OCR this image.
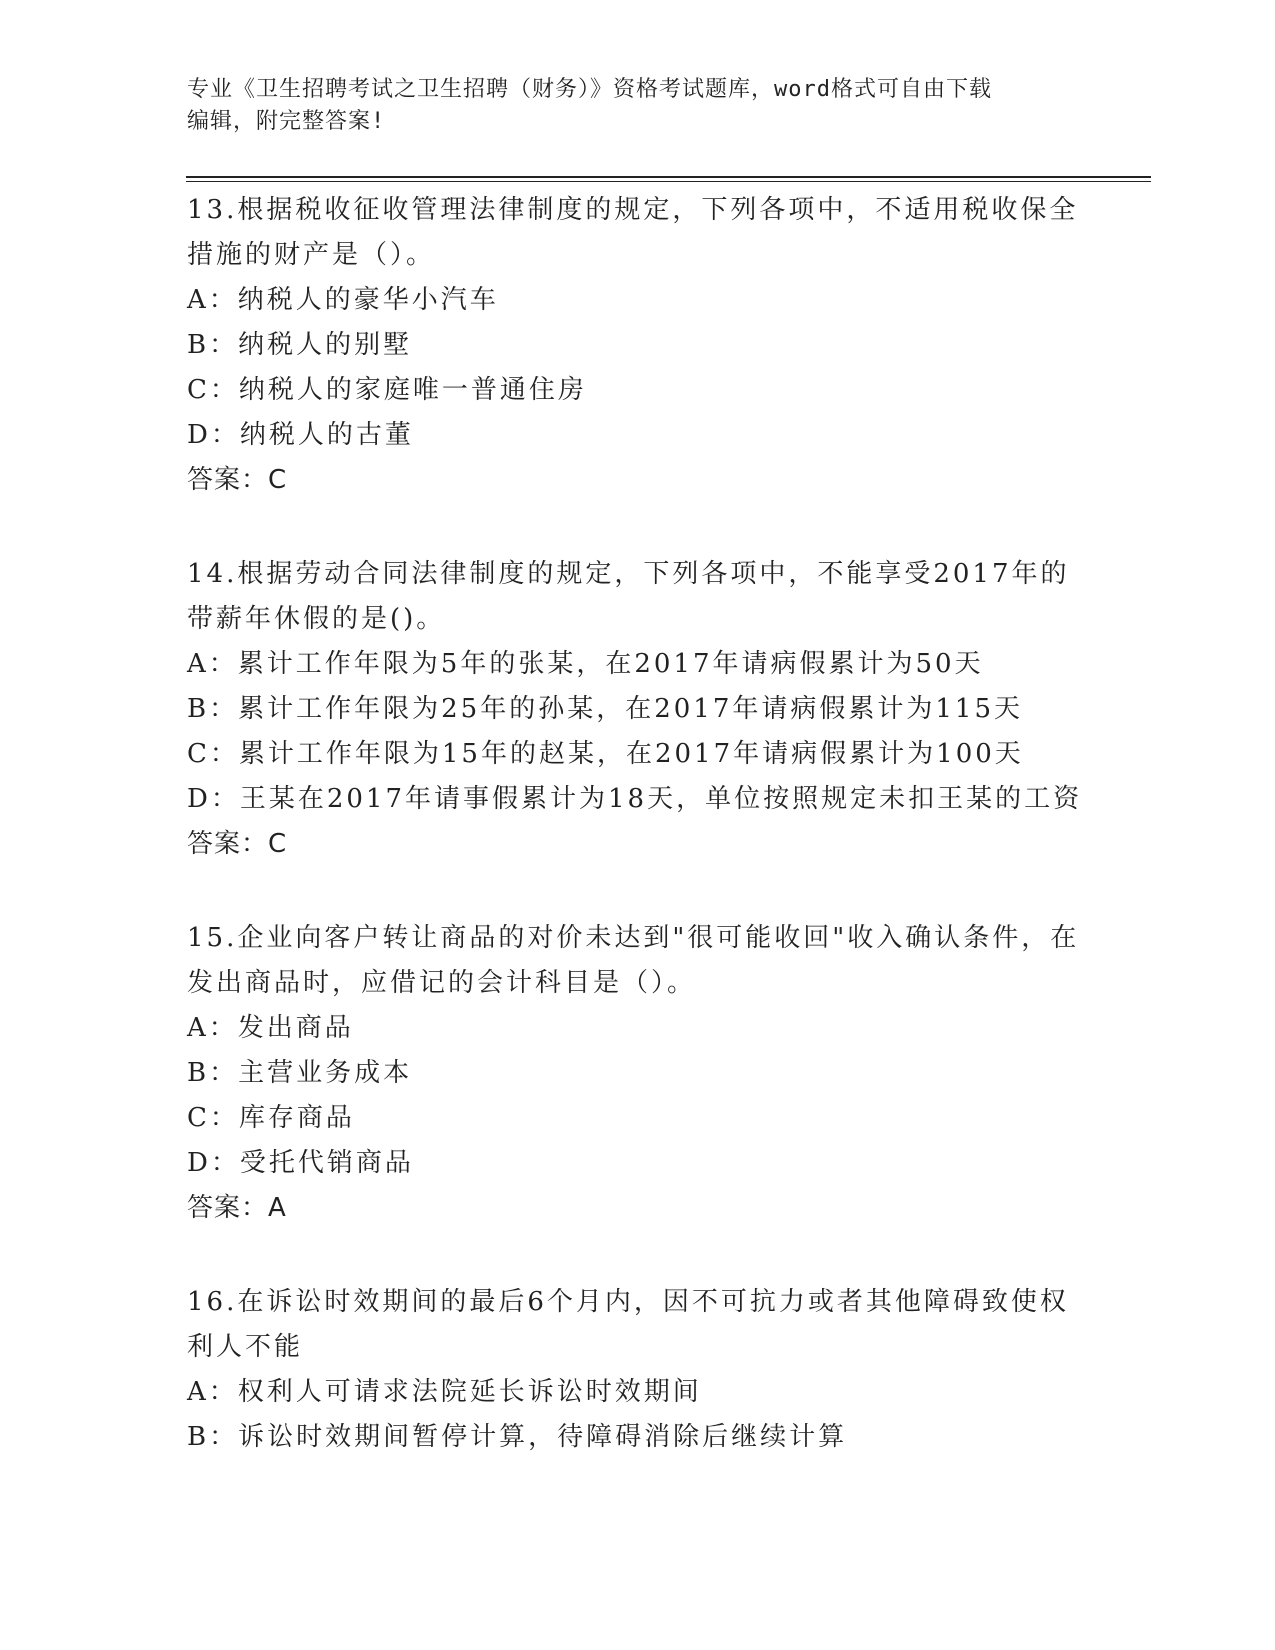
专业《卫生招聘考试之卫生招聘（财务）》资格考试题库，word格式可自由下载
编辑，附完整答案!
13.根据税收征收管理法律制度的规定，下列各项中，不适用税收保全
措施的财产是（）。
A：纳税人的豪华小汽车
B：纳税人的别墅
C：纳税人的家庭唯一普通住房
D：纳税人的古董
答案：C
14.根据劳动合同法律制度的规定，下列各项中，不能享受2017年的
带薪年休假的是()。
A：累计工作年限为5年的张某，在2017年请病假累计为50天
B：累计工作年限为25年的孙某，在2017年请病假累计为115天
C：累计工作年限为15年的赵某，在2017年请病假累计为100天
D：王某在2017年请事假累计为18天，单位按照规定未扣王某的工资
答案：C
15.企业向客户转让商品的对价未达到"很可能收回"收入确认条件，在
发出商品时，应借记的会计科目是（）。
A：发出商品
B：主营业务成本
C：库存商品
D：受托代销商品
答案：A
16.在诉讼时效期间的最后6个月内，因不可抗力或者其他障碍致使权
利人不能
A：权利人可请求法院延长诉讼时效期间
B：诉讼时效期间暂停计算，待障碍消除后继续计算
